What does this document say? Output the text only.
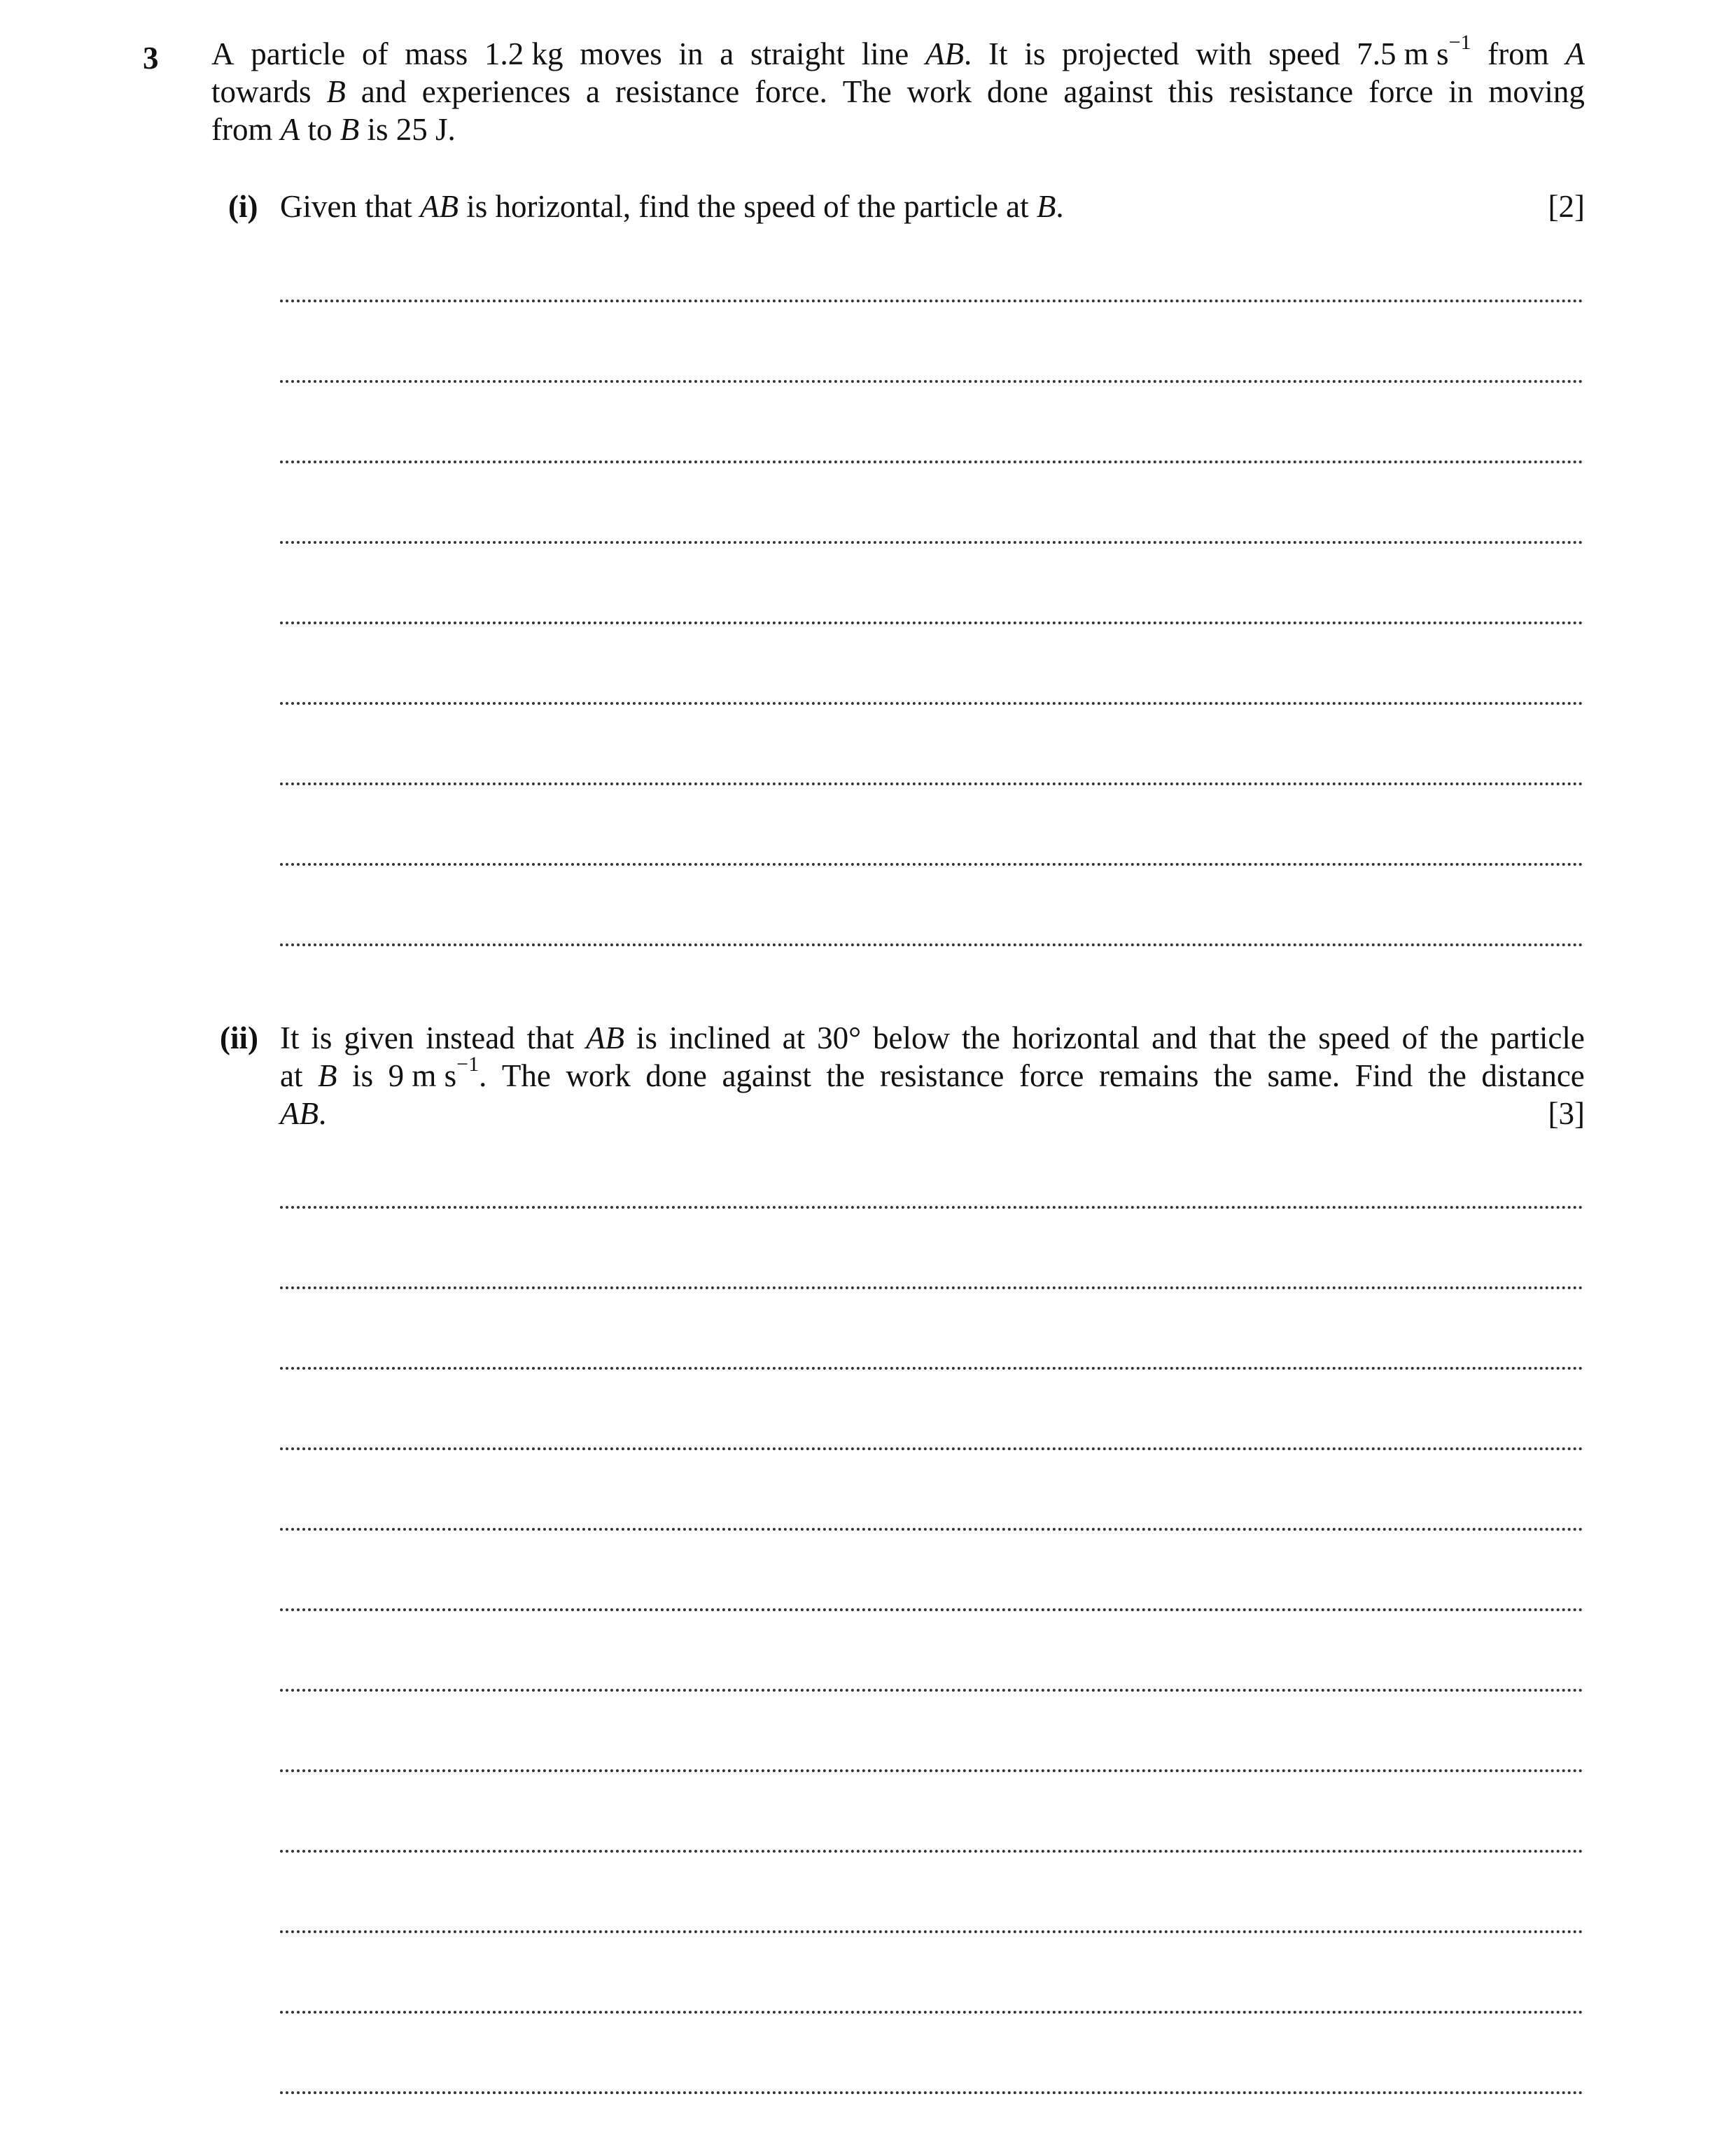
3 A particle of mass 1.2 kg moves in a straight line AB. It is projected with speed 7.5 m $s^{-1}$ from A
towards B and experiences a resistance force. The work done against this resistance force in moving
from A to B is 25 J.
(i) Given that AB is horizontal, find the speed of the particle at B.	[2]
(ii) It is given instead that AB is inclined at 30° below the horizontal and that the speed of the particle
at B is 9 m $s^{-1}$. The work done against the resistance force remains the same. Find the distance
AB.	[3]
